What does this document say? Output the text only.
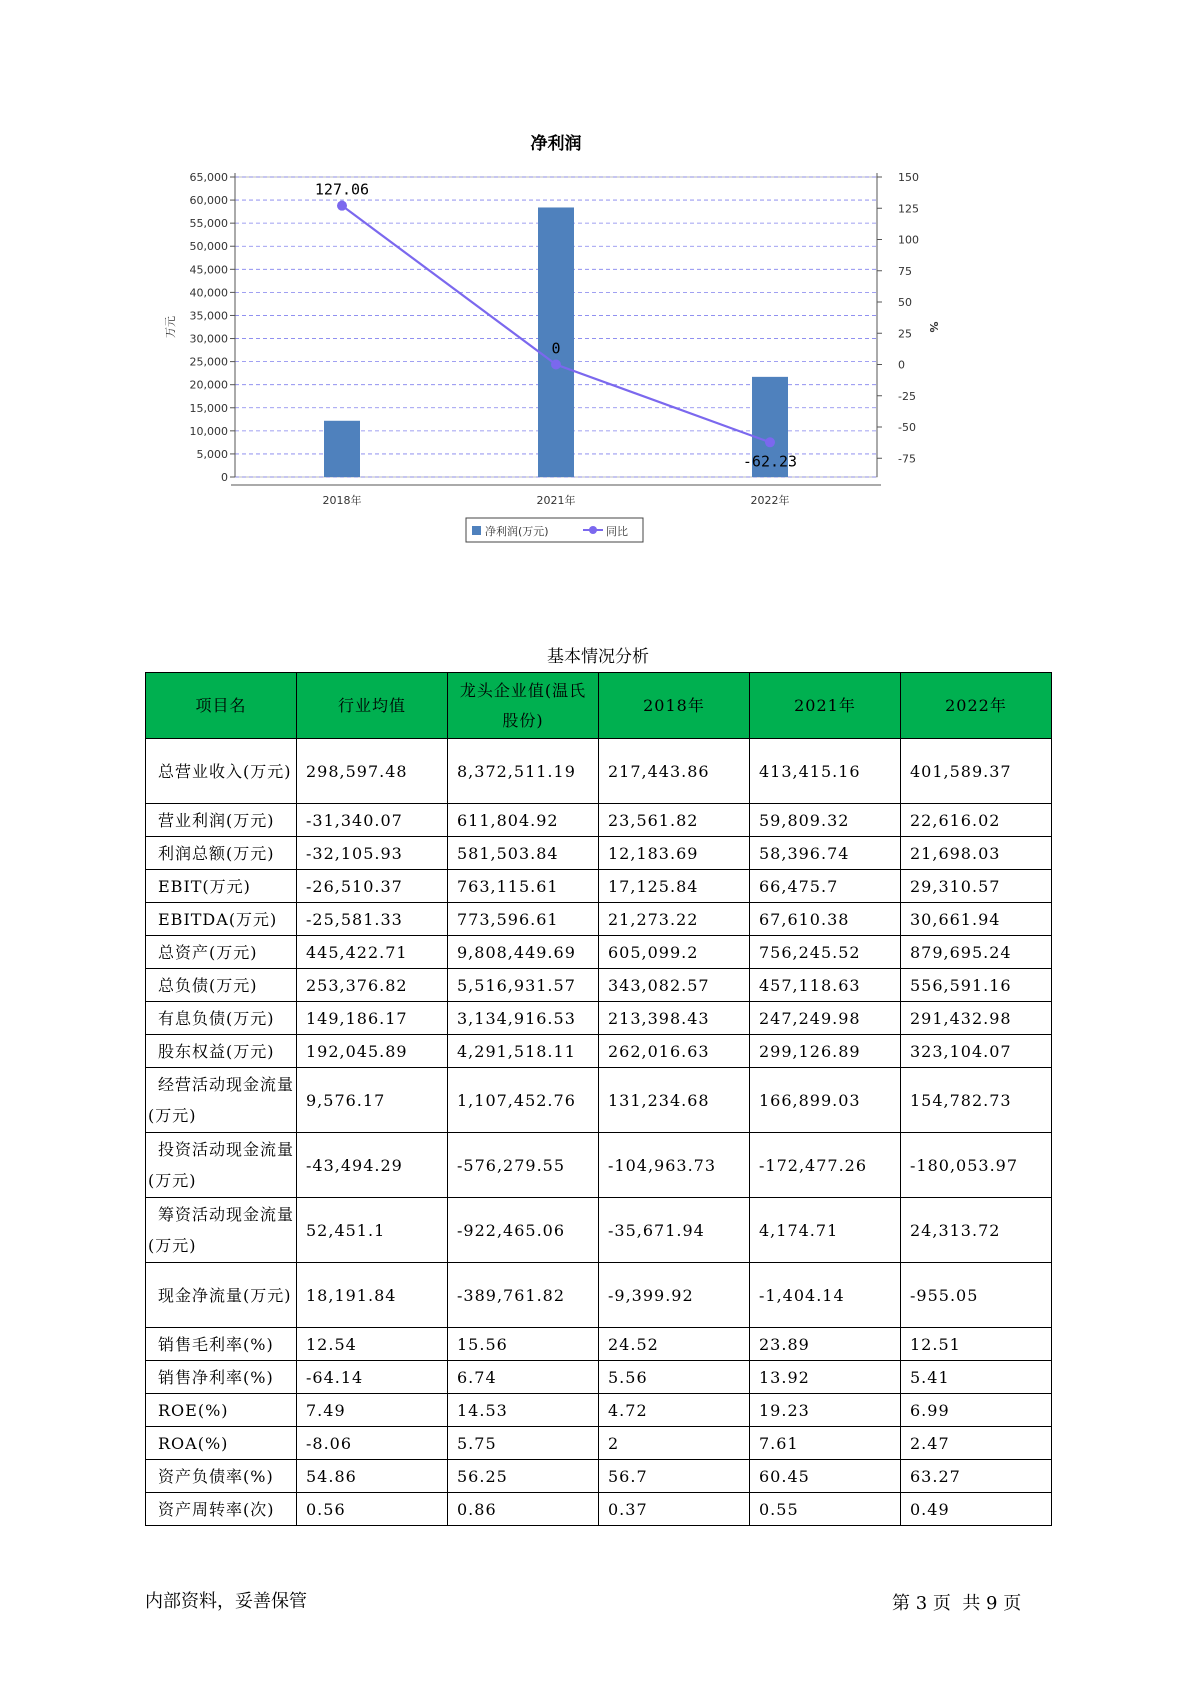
净利润
65,000
60,000
55,000
50,000
45,000
40,000
35,000
30,000
25,000
20,000
15,000
10,000
5,000
0
150
125
100
75
50
25
0
-25
-50
-75
万元	%
2018年	2021年	2022年
127.06
0
-62.23
净利润(万元)	同比
基本情况分析
项目名	行业均值	龙头企业值(温氏股份)	2018年	2021年	2022年
总营业收入(万元)	298,597.48	8,372,511.19	217,443.86	413,415.16	401,589.37
营业利润(万元)	-31,340.07	611,804.92	23,561.82	59,809.32	22,616.02
利润总额(万元)	-32,105.93	581,503.84	12,183.69	58,396.74	21,698.03
EBIT(万元)	-26,510.37	763,115.61	17,125.84	66,475.7	29,310.57
EBITDA(万元)	-25,581.33	773,596.61	21,273.22	67,610.38	30,661.94
总资产(万元)	445,422.71	9,808,449.69	605,099.2	756,245.52	879,695.24
总负债(万元)	253,376.82	5,516,931.57	343,082.57	457,118.63	556,591.16
有息负债(万元)	149,186.17	3,134,916.53	213,398.43	247,249.98	291,432.98
股东权益(万元)	192,045.89	4,291,518.11	262,016.63	299,126.89	323,104.07
经营活动现金流量(万元)	9,576.17	1,107,452.76	131,234.68	166,899.03	154,782.73
投资活动现金流量(万元)	-43,494.29	-576,279.55	-104,963.73	-172,477.26	-180,053.97
筹资活动现金流量(万元)	52,451.1	-922,465.06	-35,671.94	4,174.71	24,313.72
现金净流量(万元)	18,191.84	-389,761.82	-9,399.92	-1,404.14	-955.05
销售毛利率(%)	12.54	15.56	24.52	23.89	12.51
销售净利率(%)	-64.14	6.74	5.56	13.92	5.41
ROE(%)	7.49	14.53	4.72	19.23	6.99
ROA(%)	-8.06	5.75	2	7.61	2.47
资产负债率(%)	54.86	56.25	56.7	60.45	63.27
资产周转率(次)	0.56	0.86	0.37	0.55	0.49
内部资料，妥善保管	第 3 页  共 9 页
